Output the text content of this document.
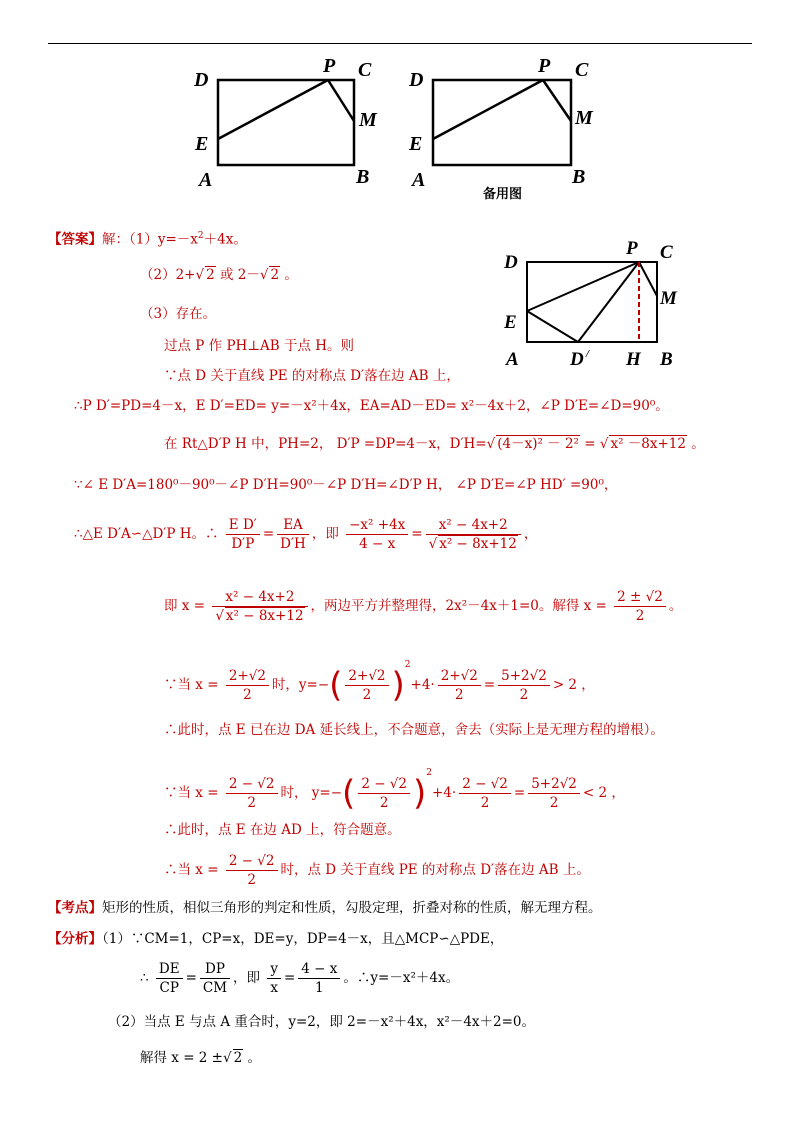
D
P C
M
E
A	B
D
P C
M
E
A	B
备用图
D
P C
M
E
A	D / H B
【答案】解：$(1)y=-x^2+4x$。
（2）2+ √ 2 或 2－ √ 2 。
（3）存在。
过点 P 作 PH⊥AB 于点 H。则
∵点 D 关于直线 PE 的对称点 D′落在边 AB 上，
∴P D′=PD=4－x，E D′=ED= y=－x²＋4x，EA=AD－ED= x²－4x＋2，∠P D′E=∠D=90⁰。
在 Rt△D′P H 中，PH=2， D′P =DP=4－x，D′H= √ (4－x)² － 2² = √ x² －8x+12 。
∵∠ E D′A=180⁰－90⁰－∠P D′H=90⁰－∠P D′H=∠D′P H， ∠P D′E=∠P HD′ =90⁰，
∴△E D′A∽△D′P H。∴ $\frac{\text{E D′}}{D'P} = \frac{EA}{D'H}$ ，即 $\frac{\text{−x² +4x}}{4 - x} = x^2 - 4x+2$
√ x² − 8x+12 ，
即 x = x² − 4x+2
√ x² − 8x+12 ，两边平方并整理得，2x²－4x＋1=0。解得 $x = \frac{2 \pm √2}{2}$ 。
∵当 $x = \frac{2+√2}{2}$ 时，$y=-( \frac{2+√2}{2} )^2+4\cdot \frac{2+√2}{2} = \frac{5+2√2}{2} > 2$ ，
∴此时，点 E 已在边 DA 延长线上，不合题意，舍去（实际上是无理方程的增根）。
∵当 $x = \frac{2 - √2}{2}$ 时， $y=-( \frac{2 - √2}{2} )^2+4\cdot \frac{2 - √2}{2} = \frac{5+2√2}{2} < 2$ ，
∴此时，点 E 在边 AD 上，符合题意。
∴当 $x = \frac{2 - √2}{2}$ 时，点 D 关于直线 PE 的对称点 D′落在边 AB 上。
【考点】矩形的性质，相似三角形的判定和性质，勾股定理，折叠对称的性质，解无理方程。
【分析】（1）∵CM=1，CP=x，DE=y，DP=4－x，且△MCP∽△PDE，
∴ $\frac{DE}{CP} = \frac{DP}{CM}$ ，即 $\frac{y}{x} = \frac{4 - x}{1}$ 。∴y=－x²＋4x。
（2）当点 E 与点 A 重合时，y=2，即 2=－x²＋4x，x²－4x＋2=0。
解得 x = 2 ± √ 2 。
